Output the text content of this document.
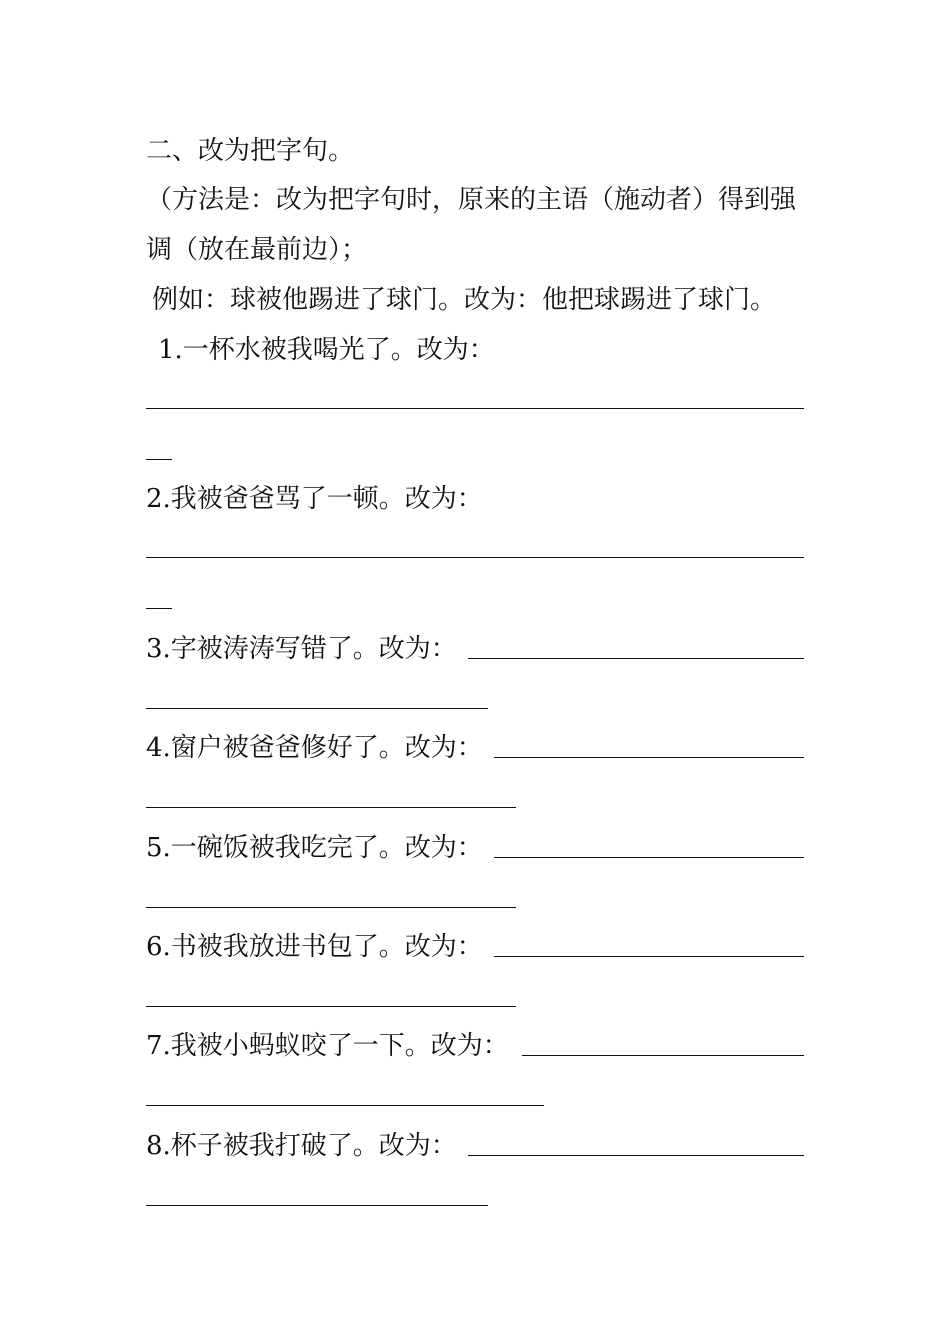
二、改为把字句。
（方法是：改为把字句时，原来的主语（施动者）得到强
调（放在最前边）；
例如：球被他踢进了球门。改为：他把球踢进了球门。
1.一杯水被我喝光了。改为：
2.我被爸爸骂了一顿。改为：
3.字被涛涛写错了。改为：
4.窗户被爸爸修好了。改为：
5.一碗饭被我吃完了。改为：
6.书被我放进书包了。改为：
7.我被小蚂蚁咬了一下。改为：
8.杯子被我打破了。改为：
